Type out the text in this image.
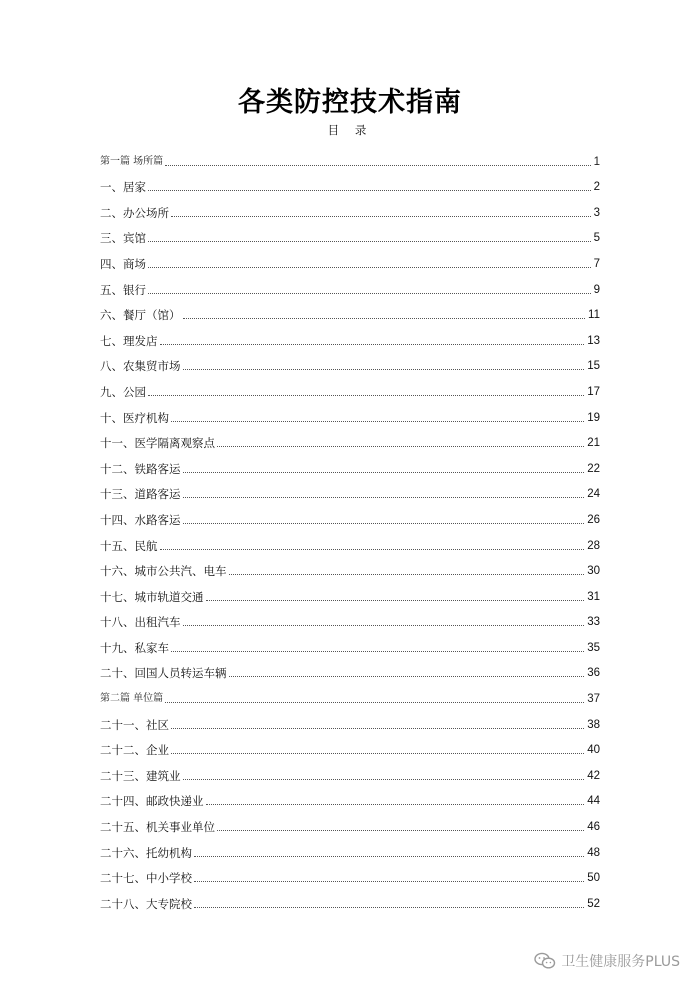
各类防控技术指南
目 录
第一篇 场所篇	1
一、居家	2
二、办公场所	3
三、宾馆	5
四、商场	7
五、银行	9
六、餐厅（馆）	11
七、理发店	13
八、农集贸市场	15
九、公园	17
十、医疗机构	19
十一、医学隔离观察点	21
十二、铁路客运	22
十三、道路客运	24
十四、水路客运	26
十五、民航	28
十六、城市公共汽、电车	30
十七、城市轨道交通	31
十八、出租汽车	33
十九、私家车	35
二十、回国人员转运车辆	36
第二篇 单位篇	37
二十一、社区	38
二十二、企业	40
二十三、建筑业	42
二十四、邮政快递业	44
二十五、机关事业单位	46
二十六、托幼机构	48
二十七、中小学校	50
二十八、大专院校	52
卫生健康服务PLUS
